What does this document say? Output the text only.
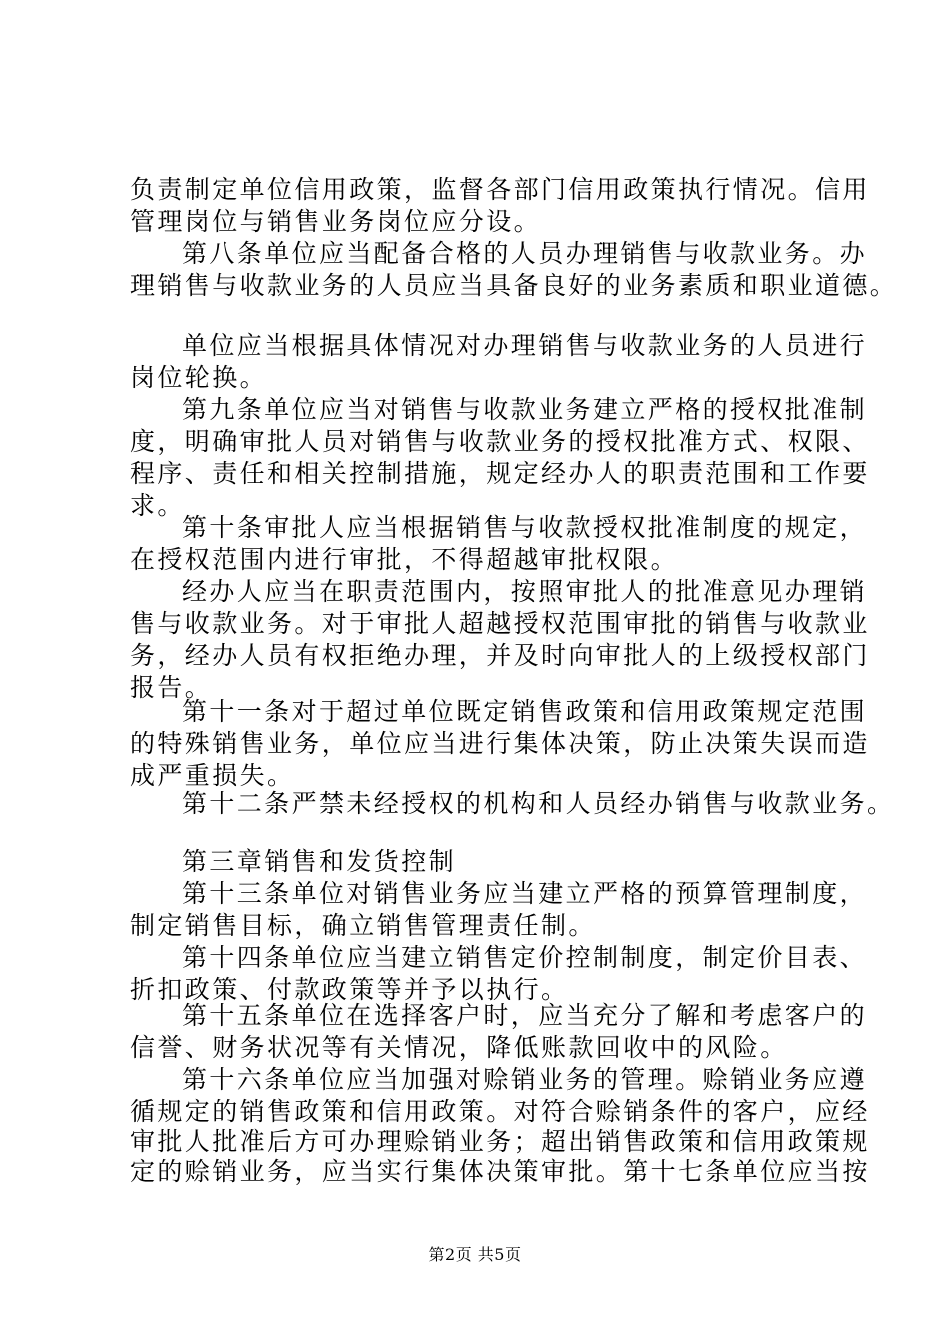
负责制定单位信用政策，监督各部门信用政策执行情况。信用
管理岗位与销售业务岗位应分设。
第八条单位应当配备合格的人员办理销售与收款业务。办
理销售与收款业务的人员应当具备良好的业务素质和职业道德。
单位应当根据具体情况对办理销售与收款业务的人员进行
岗位轮换。
第九条单位应当对销售与收款业务建立严格的授权批准制
度，明确审批人员对销售与收款业务的授权批准方式、权限、
程序、责任和相关控制措施，规定经办人的职责范围和工作要
求。
第十条审批人应当根据销售与收款授权批准制度的规定，
在授权范围内进行审批，不得超越审批权限。
经办人应当在职责范围内，按照审批人的批准意见办理销
售与收款业务。对于审批人超越授权范围审批的销售与收款业
务，经办人员有权拒绝办理，并及时向审批人的上级授权部门
报告。
第十一条对于超过单位既定销售政策和信用政策规定范围
的特殊销售业务，单位应当进行集体决策，防止决策失误而造
成严重损失。
第十二条严禁未经授权的机构和人员经办销售与收款业务。
第三章销售和发货控制
第十三条单位对销售业务应当建立严格的预算管理制度，
制定销售目标，确立销售管理责任制。
第十四条单位应当建立销售定价控制制度，制定价目表、
折扣政策、付款政策等并予以执行。
第十五条单位在选择客户时，应当充分了解和考虑客户的
信誉、财务状况等有关情况，降低账款回收中的风险。
第十六条单位应当加强对赊销业务的管理。赊销业务应遵
循规定的销售政策和信用政策。对符合赊销条件的客户，应经
审批人批准后方可办理赊销业务；超出销售政策和信用政策规
定的赊销业务，应当实行集体决策审批。第十七条单位应当按
第2页 共5页
